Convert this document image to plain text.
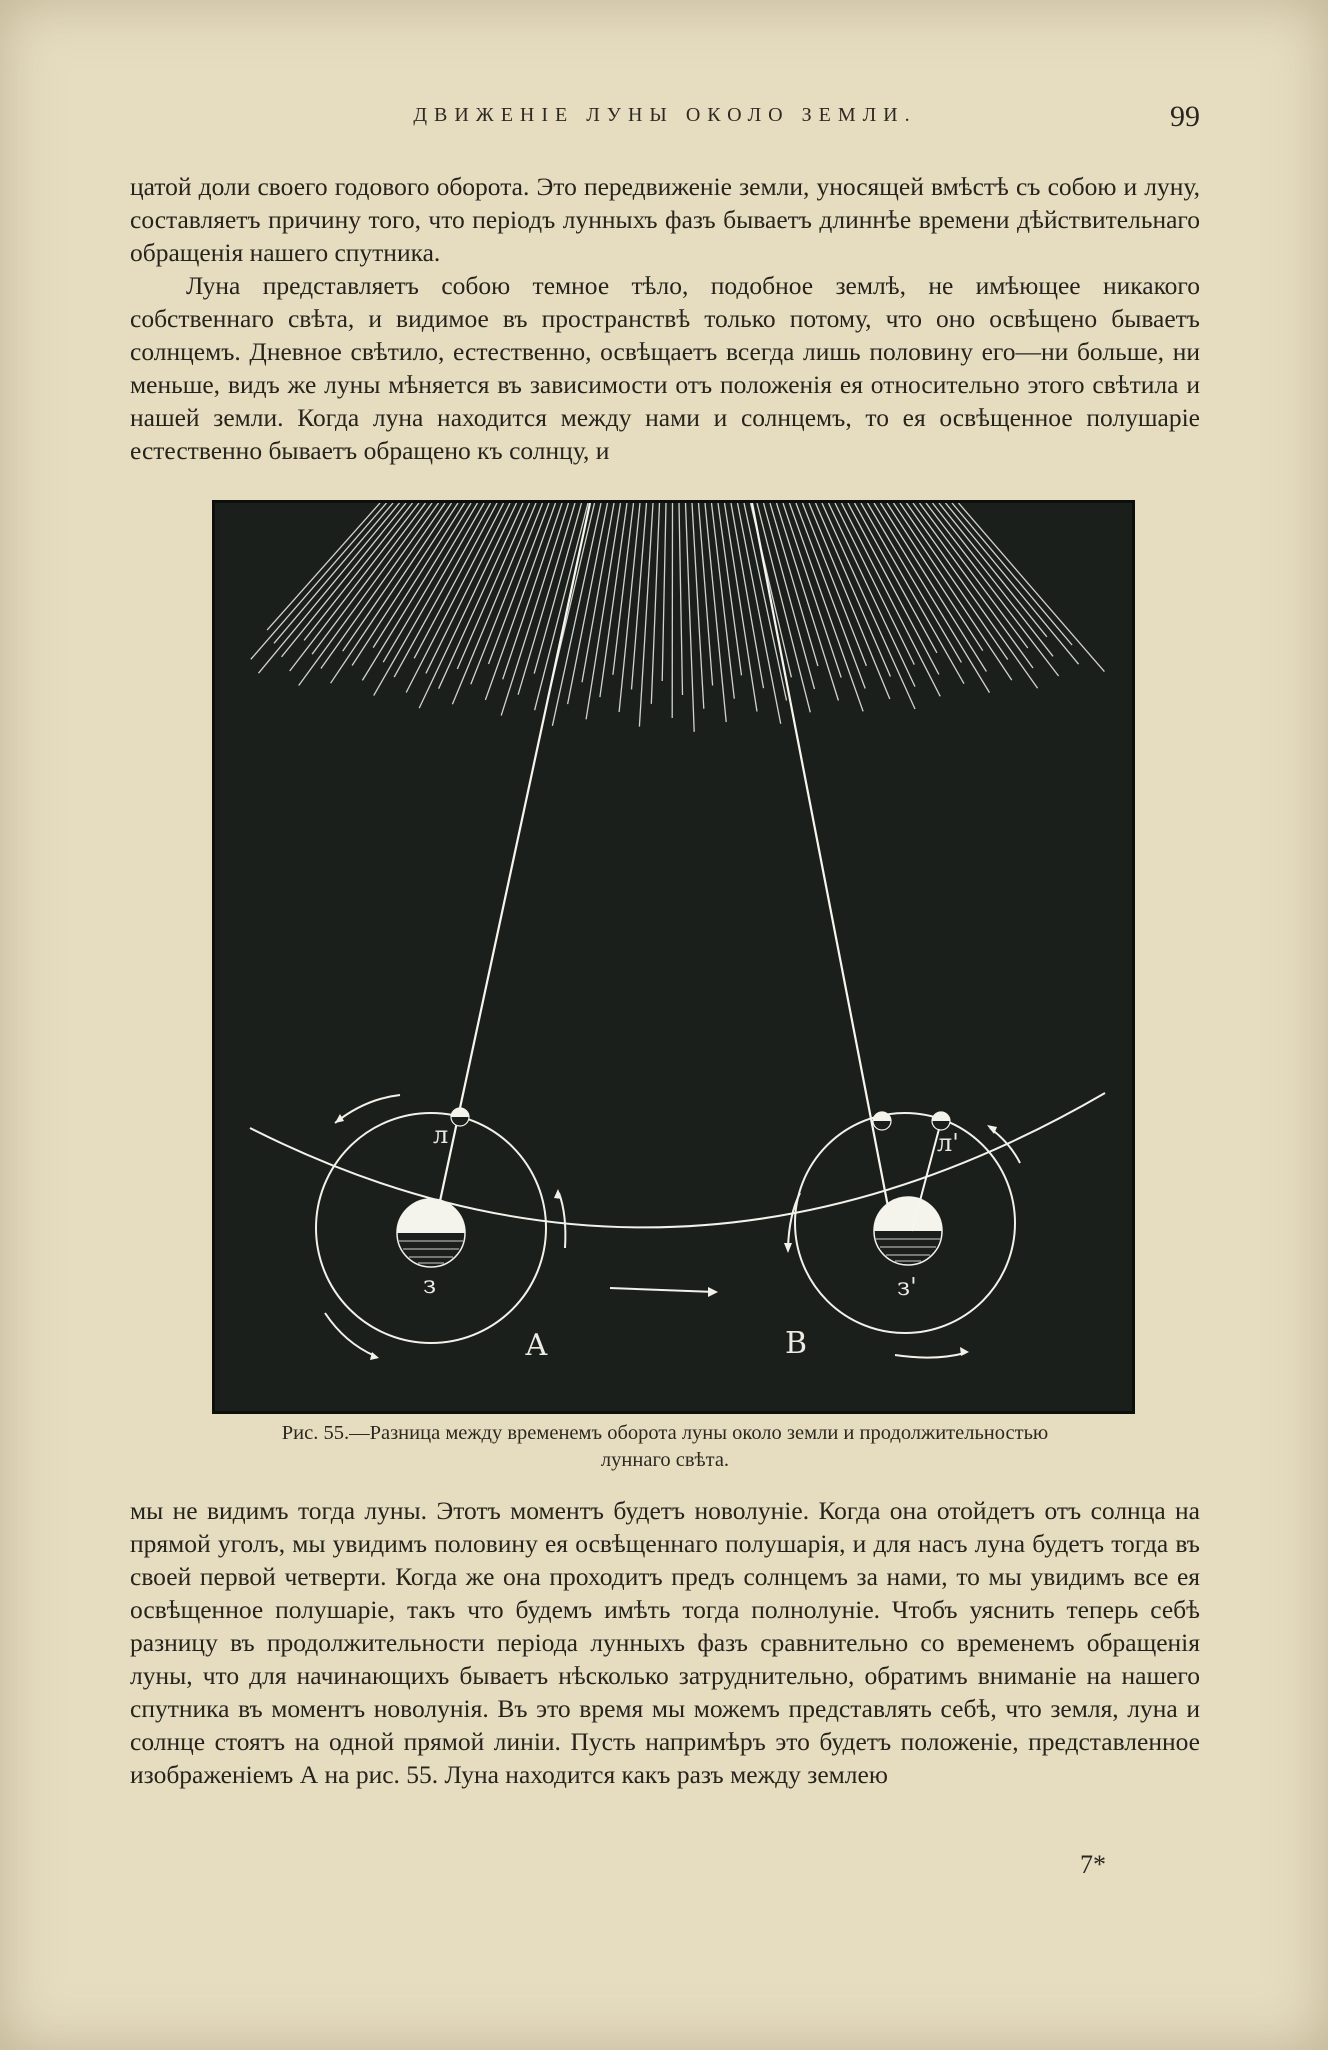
ДВИЖЕНІЕ ЛУНЫ ОКОЛО ЗЕМЛИ.	99

цатой доли своего годового оборота. Это передвиженіе земли, уносящей вмѣстѣ съ собою и луну, составляетъ причину того, что періодъ лунныхъ фазъ бываетъ длиннѣе времени дѣйствительнаго обращенія нашего спутника.

Луна представляетъ собою темное тѣло, подобное землѣ, не имѣющее никакого собственнаго свѣта, и видимое въ пространствѣ только потому, что оно освѣщено бываетъ солнцемъ. Дневное свѣтило, естественно, освѣщаетъ всегда лишь половину его—ни больше, ни меньше, видъ же луны мѣняется въ зависимости отъ положенія ея относительно этого свѣтила и нашей земли. Когда луна находится между нами и солнцемъ, то ея освѣщенное полушаріе естественно бываетъ обращено къ солнцу, и

л
з
А
л'
з'
В
Рис. 55.—Разница между временемъ оборота луны около земли и продолжительностью
луннаго свѣта.

мы не видимъ тогда луны. Этотъ моментъ будетъ новолуніе. Когда она отойдетъ отъ солнца на прямой уголъ, мы увидимъ половину ея освѣщеннаго полушарія, и для насъ луна будетъ тогда въ своей первой четверти. Когда же она проходитъ предъ солнцемъ за нами, то мы увидимъ все ея освѣщенное полушаріе, такъ что будемъ имѣть тогда полнолуніе. Чтобъ уяснить теперь себѣ разницу въ продолжительности періода лунныхъ фазъ сравнительно со временемъ обращенія луны, что для начинающихъ бываетъ нѣсколько затруднительно, обратимъ вниманіе на нашего спутника въ моментъ новолунія. Въ это время мы можемъ представлять себѣ, что земля, луна и солнце стоятъ на одной прямой линіи. Пусть напримѣръ это будетъ положеніе, представленное изображеніемъ А на рис. 55. Луна находится какъ разъ между землею

7*
